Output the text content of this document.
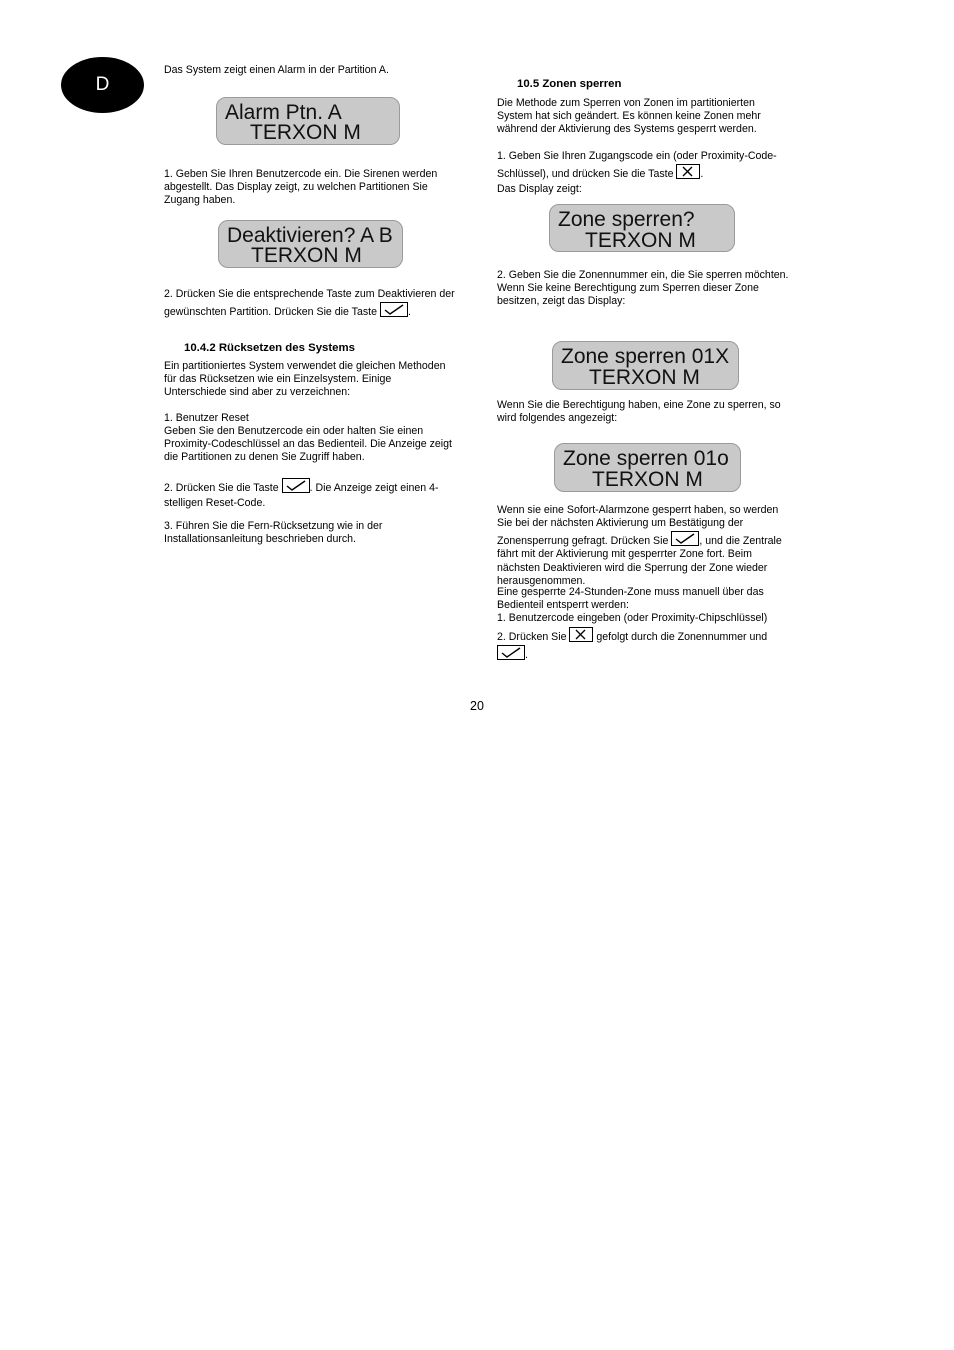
D
Das System zeigt einen Alarm in der Partition A.
Alarm Ptn. A
TERXON M
1. Geben Sie Ihren Benutzercode ein. Die Sirenen werden abgestellt. Das Display zeigt, zu welchen Partitionen Sie Zugang haben.
Deaktivieren? A B
TERXON M
2. Drücken Sie die entsprechende Taste zum Deaktivieren der gewünschten Partition. Drücken Sie die Taste	.
10.4.2 Rücksetzen des Systems
Ein partitioniertes System verwendet die gleichen Methoden für das Rücksetzen wie ein Einzelsystem. Einige Unterschiede sind aber zu verzeichnen:
1. Benutzer Reset
Geben Sie den Benutzercode ein oder halten Sie einen Proximity-Codeschlüssel an das Bedienteil. Die Anzeige zeigt die Partitionen zu denen Sie Zugriff haben.
2. Drücken Sie die Taste	. Die Anzeige zeigt einen 4-stelligen Reset-Code.
3. Führen Sie die Fern-Rücksetzung wie in der Installationsanleitung beschrieben durch.
10.5 Zonen sperren
Die Methode zum Sperren von Zonen im partitionierten System hat sich geändert. Es können keine Zonen mehr während der Aktivierung des Systems gesperrt werden.
1. Geben Sie Ihren Zugangscode ein (oder Proximity-Code-Schlüssel), und drücken Sie die Taste	.
Das Display zeigt:
Zone sperren?
TERXON M
2. Geben Sie die Zonennummer ein, die Sie sperren möchten. Wenn Sie keine Berechtigung zum Sperren dieser Zone besitzen, zeigt das Display:
Zone sperren 01X
TERXON M
Wenn Sie die Berechtigung haben, eine Zone zu sperren, so wird folgendes angezeigt:
Zone sperren 01o
TERXON M
Wenn sie eine Sofort-Alarmzone gesperrt haben, so werden Sie bei der nächsten Aktivierung um Bestätigung der Zonensperrung gefragt. Drücken Sie	, und die Zentrale fährt mit der Aktivierung mit gesperrter Zone fort. Beim nächsten Deaktivieren wird die Sperrung der Zone wieder herausgenommen.
Eine gesperrte 24-Stunden-Zone muss manuell über das Bedienteil entsperrt werden:
1. Benutzercode eingeben (oder Proximity-Chipschlüssel)
2. Drücken Sie	gefolgt durch die Zonennummer und

.
20
